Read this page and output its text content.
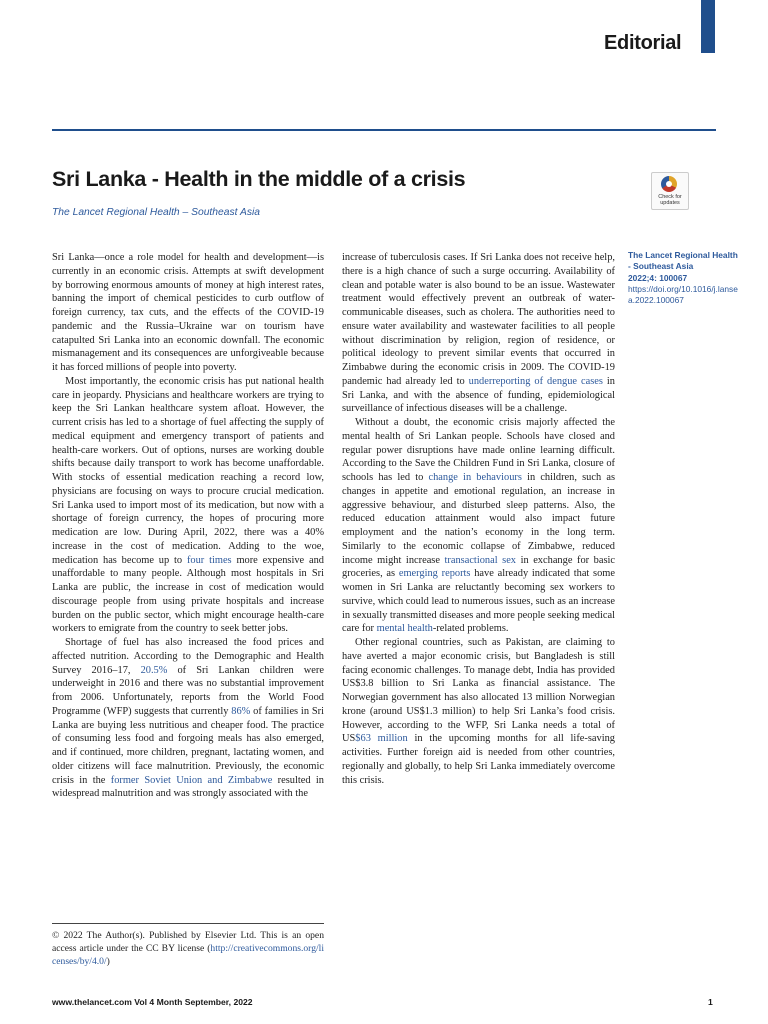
Editorial
Sri Lanka - Health in the middle of a crisis
The Lancet Regional Health – Southeast Asia
Check for updates

Sri Lanka—once a role model for health and development—is currently in an economic crisis. Attempts at swift development by borrowing enormous amounts of money at high interest rates, banning the import of chemical pesticides to curb outflow of foreign currency, tax cuts, and the effects of the COVID-19 pandemic and the Russia–Ukraine war on tourism have catapulted Sri Lanka into an economic downfall. The economic mismanagement and its consequences are unforgiveable because it has forced millions of people into poverty.

Most importantly, the economic crisis has put national health care in jeopardy. Physicians and healthcare workers are trying to keep the Sri Lankan healthcare system afloat. However, the current crisis has led to a shortage of fuel affecting the supply of medical equipment and emergency transport of patients and health-care workers. Out of options, nurses are working double shifts because daily transport to work has become unaffordable. With stocks of essential medication reaching a record low, physicians are focusing on ways to procure crucial medication. Sri Lanka used to import most of its medication, but now with a shortage of foreign currency, the hopes of procuring more medication are low. During April, 2022, there was a 40% increase in the cost of medication. Adding to the woe, medication has become up to four times more expensive and unaffordable to many people. Although most hospitals in Sri Lanka are public, the increase in cost of medication would discourage people from using private hospitals and increase burden on the public sector, which might encourage health-care workers to emigrate from the country to seek better jobs.

Shortage of fuel has also increased the food prices and affected nutrition. According to the Demographic and Health Survey 2016–17, 20.5% of Sri Lankan children were underweight in 2016 and there was no substantial improvement from 2006. Unfortunately, reports from the World Food Programme (WFP) suggests that currently 86% of families in Sri Lanka are buying less nutritious and cheaper food. The practice of consuming less food and forgoing meals has also emerged, and if continued, more children, pregnant, lactating women, and older citizens will face malnutrition. Previously, the economic crisis in the former Soviet Union and Zimbabwe resulted in widespread malnutrition and was strongly associated with the

increase of tuberculosis cases. If Sri Lanka does not receive help, there is a high chance of such a surge occurring. Availability of clean and potable water is also bound to be an issue. Wastewater treatment would effectively prevent an outbreak of water-communicable diseases, such as cholera. The authorities need to ensure water availability and wastewater facilities to all people without discrimination by religion, region of residence, or political ideology to prevent similar events that occurred in Zimbabwe during the economic crisis in 2009. The COVID-19 pandemic had already led to underreporting of dengue cases in Sri Lanka, and with the absence of funding, epidemiological surveillance of infectious diseases will be a challenge.

Without a doubt, the economic crisis majorly affected the mental health of Sri Lankan people. Schools have closed and regular power disruptions have made online learning difficult. According to the Save the Children Fund in Sri Lanka, closure of schools has led to change in behaviours in children, such as changes in appetite and emotional regulation, an increase in aggressive behaviour, and disturbed sleep patterns. Also, the reduced education attainment would also impact future employment and the nation’s economy in the long term. Similarly to the economic collapse of Zimbabwe, reduced income might increase transactional sex in exchange for basic groceries, as emerging reports have already indicated that some women in Sri Lanka are reluctantly becoming sex workers to survive, which could lead to numerous issues, such as an increase in sexually transmitted diseases and more people seeking medical care for mental health-related problems.

Other regional countries, such as Pakistan, are claiming to have averted a major economic crisis, but Bangladesh is still facing economic challenges. To manage debt, India has provided US$3.8 billion to Sri Lanka as financial assistance. The Norwegian government has also allocated 13 million Norwegian krone (around US$1.3 million) to help Sri Lanka’s food crisis. However, according to the WFP, Sri Lanka needs a total of US$63 million in the upcoming months for all life-saving activities. Further foreign aid is needed from other countries, regionally and globally, to help Sri Lanka immediately overcome this crisis.

The Lancet Regional Health - Southeast Asia
2022;4: 100067
https://doi.org/10.1016/j.lansea.2022.100067
© 2022 The Author(s). Published by Elsevier Ltd. This is an open access article under the CC BY license (http://creativecommons.org/licenses/by/4.0/)
www.thelancet.com Vol 4 Month September, 2022	1
